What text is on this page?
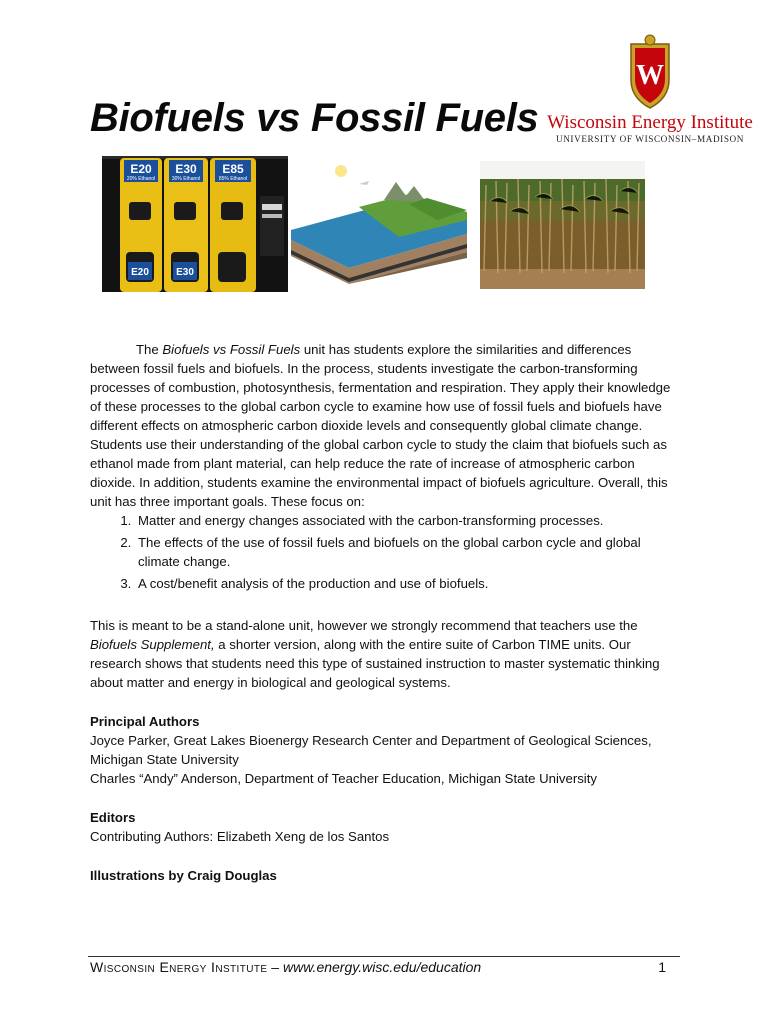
Biofuels vs Fossil Fuels
W
Wisconsin Energy Institute
UNIVERSITY OF WISCONSIN–MADISON
E20 E30 E85
20% Ethanol	30% Ethanol	85% Ethanol
E20	E30

The Biofuels vs Fossil Fuels unit has students explore the similarities and differences between fossil fuels and biofuels. In the process, students investigate the carbon-transforming processes of combustion, photosynthesis, fermentation and respiration. They apply their knowledge of these processes to the global carbon cycle to examine how use of fossil fuels and biofuels have different effects on atmospheric carbon dioxide levels and consequently global climate change. Students use their understanding of the global carbon cycle to study the claim that biofuels such as ethanol made from plant material, can help reduce the rate of increase of atmospheric carbon dioxide. In addition, students examine the environmental impact of biofuels agriculture. Overall, this unit has three important goals. These focus on:

1. Matter and energy changes associated with the carbon-transforming processes.
2. The effects of the use of fossil fuels and biofuels on the global carbon cycle and global climate change.
3. A cost/benefit analysis of the production and use of biofuels.

This is meant to be a stand-alone unit, however we strongly recommend that teachers use the Biofuels Supplement, a shorter version, along with the entire suite of Carbon TIME units. Our research shows that students need this type of sustained instruction to master systematic thinking about matter and energy in biological and geological systems.

Principal Authors

Joyce Parker, Great Lakes Bioenergy Research Center and Department of Geological Sciences, Michigan State University

Charles “Andy” Anderson, Department of Teacher Education, Michigan State University

Editors

Contributing Authors: Elizabeth Xeng de los Santos

Illustrations by Craig Douglas

Wisconsin Energy Institute – www.energy.wisc.edu/education	1
